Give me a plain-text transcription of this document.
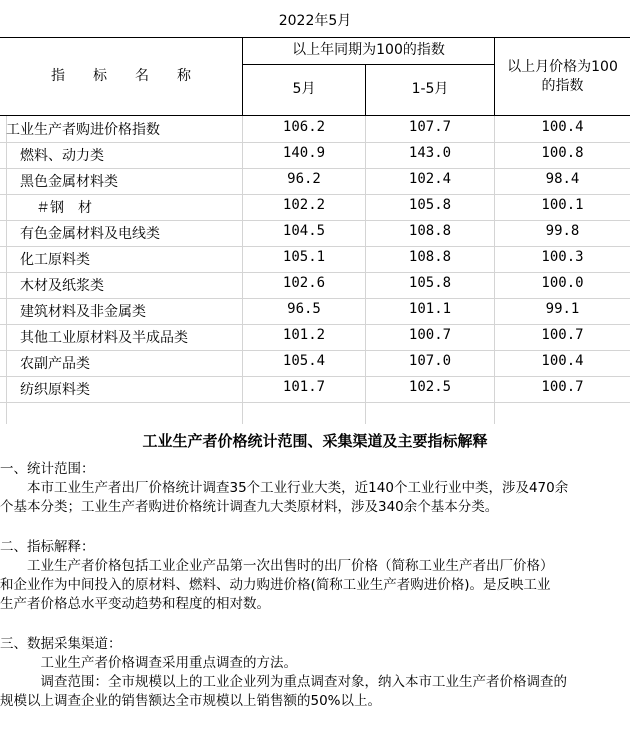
2022年5月
指　　标　　名　　称
以上年同期为100的指数
5月	1-5月
以上月价格为100
的指数
工业生产者购进价格指数	106.2	107.7	100.4
燃料、动力类	140.9	143.0	100.8
黑色金属材料类	96.2	102.4	98.4
＃钢　材	102.2	105.8	100.1
有色金属材料及电线类	104.5	108.8	99.8
化工原料类	105.1	108.8	100.3
木材及纸浆类	102.6	105.8	100.0
建筑材料及非金属类	96.5	101.1	99.1
其他工业原材料及半成品类	101.2	100.7	100.7
农副产品类	105.4	107.0	100.4
纺织原料类	101.7	102.5	100.7
工业生产者价格统计范围、采集渠道及主要指标解释
一、统计范围：
　　本市工业生产者出厂价格统计调查35个工业行业大类，近140个工业行业中类，涉及470余
个基本分类；工业生产者购进价格统计调查九大类原材料，涉及340余个基本分类。
二、指标解释：
　　工业生产者价格包括工业企业产品第一次出售时的出厂价格（简称工业生产者出厂价格）
和企业作为中间投入的原材料、燃料、动力购进价格(简称工业生产者购进价格)。是反映工业
生产者价格总水平变动趋势和程度的相对数。
三、数据采集渠道：
　　　工业生产者价格调查采用重点调查的方法。
　　　调查范围：全市规模以上的工业企业列为重点调查对象，纳入本市工业生产者价格调查的
规模以上调查企业的销售额达全市规模以上销售额的50%以上。
